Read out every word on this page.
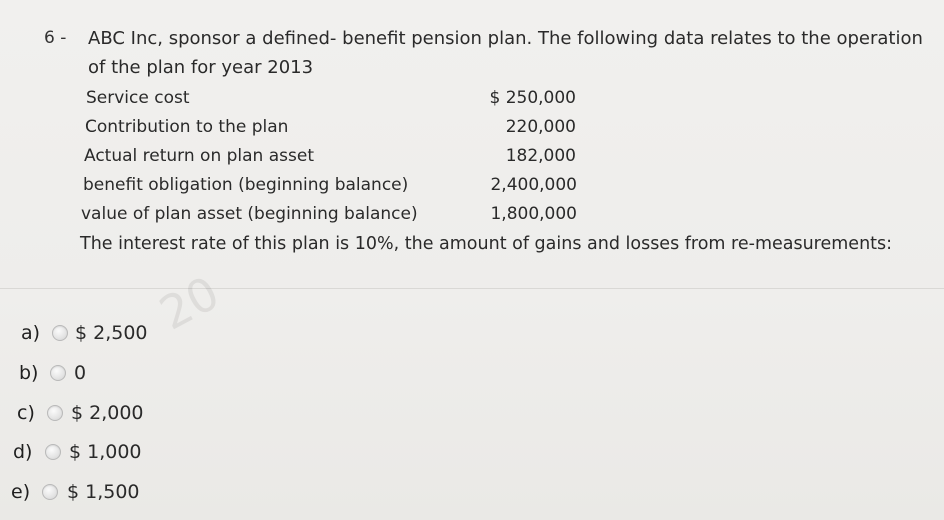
6 - ABC Inc, sponsor a defined- benefit pension plan. The following data relates to the operation
of the plan for year 2013
Service cost	$ 250,000
Contribution to the plan	220,000
Actual return on plan asset	182,000
benefit obligation (beginning balance)	2,400,000
value of plan asset (beginning balance)	1,800,000
The interest rate of this plan is 10%, the amount of gains and losses from re-measurements:
20
a) $ 2,500
b) 0
c) $ 2,000
d) $ 1,000
e) $ 1,500
